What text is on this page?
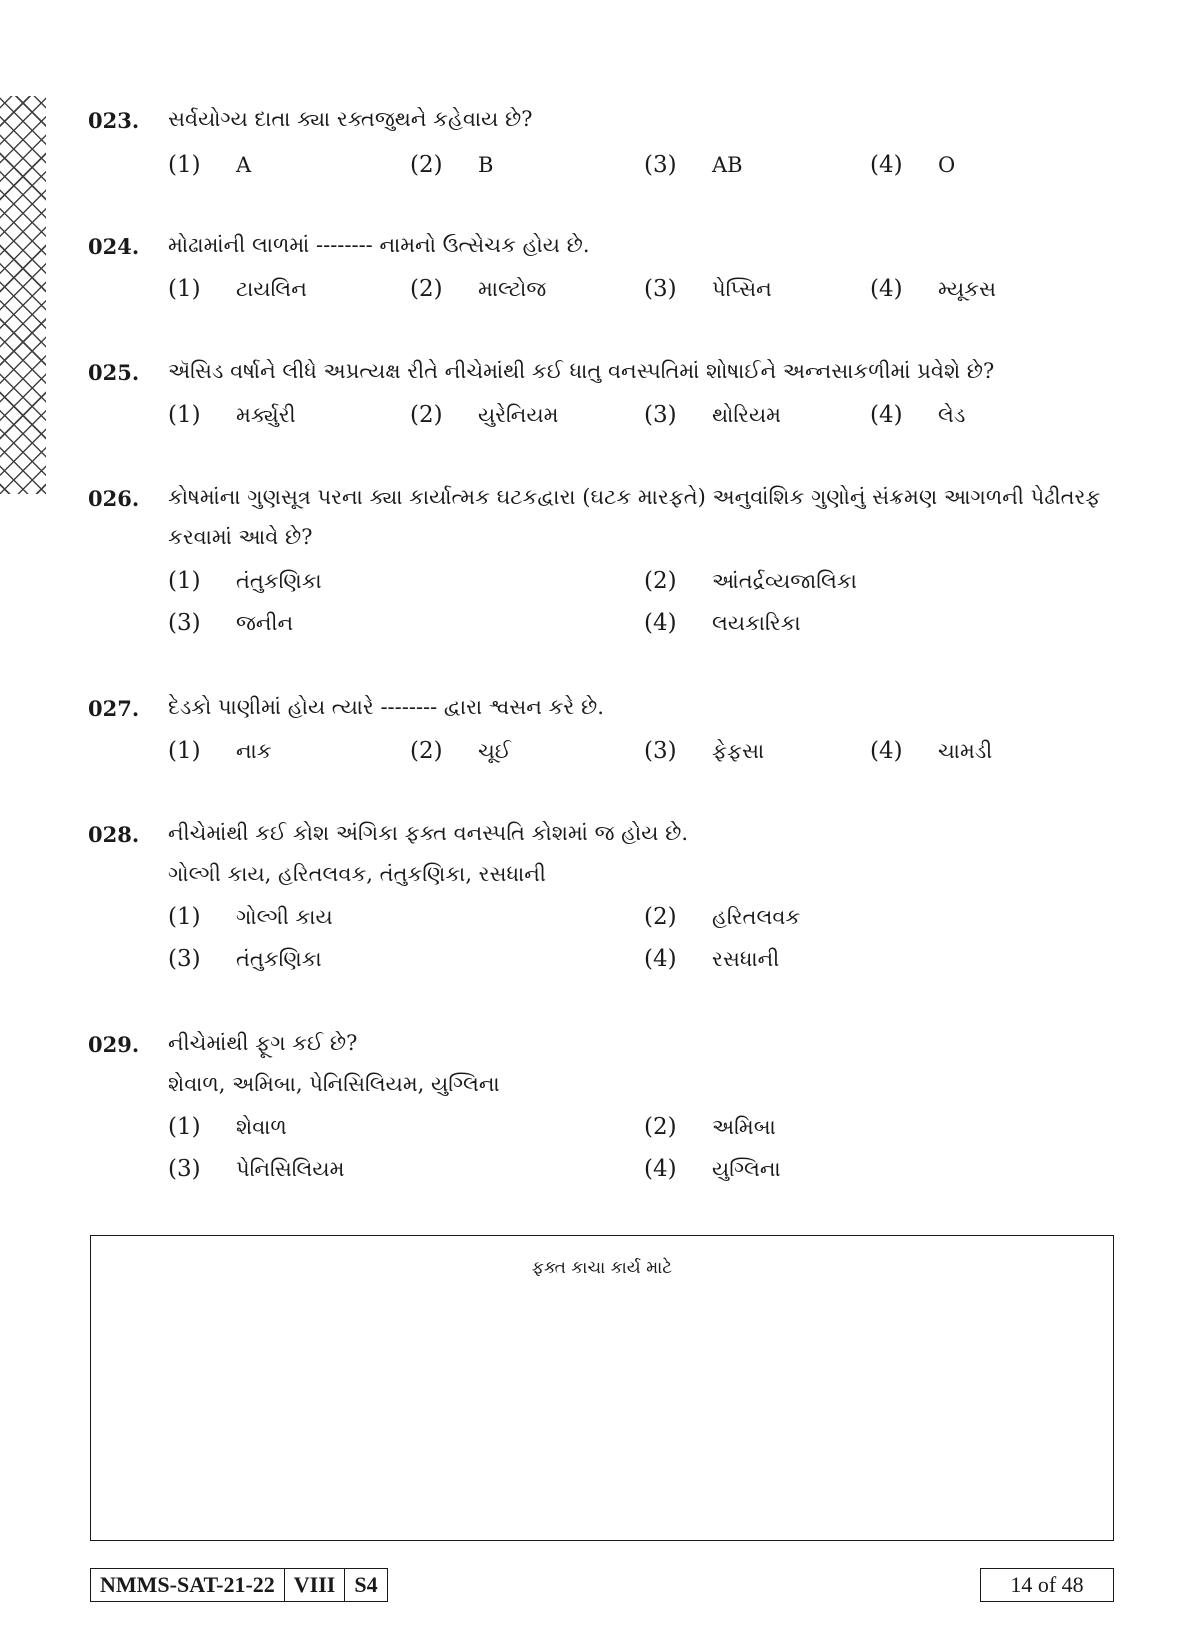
023.	સર્વયોગ્ય દાતા ક્યા રક્તજુથને કહેવાય છે?
(1) A	(2) B	(3) AB	(4) O
024.	મોઢામાંની લાળમાં -------- નામનો ઉત્સેચક હોય છે.
(1) ટાયલિન	(2) માલ્ટોજ	(3) પેપ્સિન	(4) મ્યૂકસ
025.	ઍસિડ વર્ષાને લીધે અપ્રત્યક્ષ રીતે નીચેમાંથી કઈ ધાતુ વનસ્પતિમાં શોષાઈને અન્નસાકળીમાં પ્રવેશે છે?
(1) મર્ક્યુરી	(2) યુરેનિયમ	(3) થોરિયમ	(4) લેડ
026.	કોષમાંના ગુણસૂત્ર પરના ક્યા કાર્યાત્મક ઘટકદ્વારા (ઘટક મારફતે) અનુવાંશિક ગુણોનું સંક્રમણ આગળની પેઢીતરફ કરવામાં આવે છે?
(1) તંતુકણિકા	(2) આંતર્દ્રવ્યજાલિકા
(3) જનીન	(4) લયકારિકા
027.	દેડકો પાણીમાં હોય ત્યારે -------- દ્વારા શ્વસન કરે છે.
(1) નાક	(2) ચૂઈ	(3) ફેફસા	(4) ચામડી
028.	નીચેમાંથી કઈ કોશ અંગિકા ફક્ત વનસ્પતિ કોશમાં જ હોય છે.
ગોલ્ગી કાય, હરિતલવક, તંતુકણિકા, રસધાની
(1) ગોલ્ગી કાય	(2) હરિતલવક
(3) તંતુકણિકા	(4) રસધાની
029.	નીચેમાંથી ફૂગ કઈ છે?
શેવાળ, અમિબા, પેનિસિલિયમ, યુગ્લિના
(1) શેવાળ	(2) અમિબા
(3) પેનિસિલિયમ	(4) યુગ્લિના
ફક્ત કાચા કાર્ય માટે
NMMS-SAT-21-22 VIII S4	14 of 48
